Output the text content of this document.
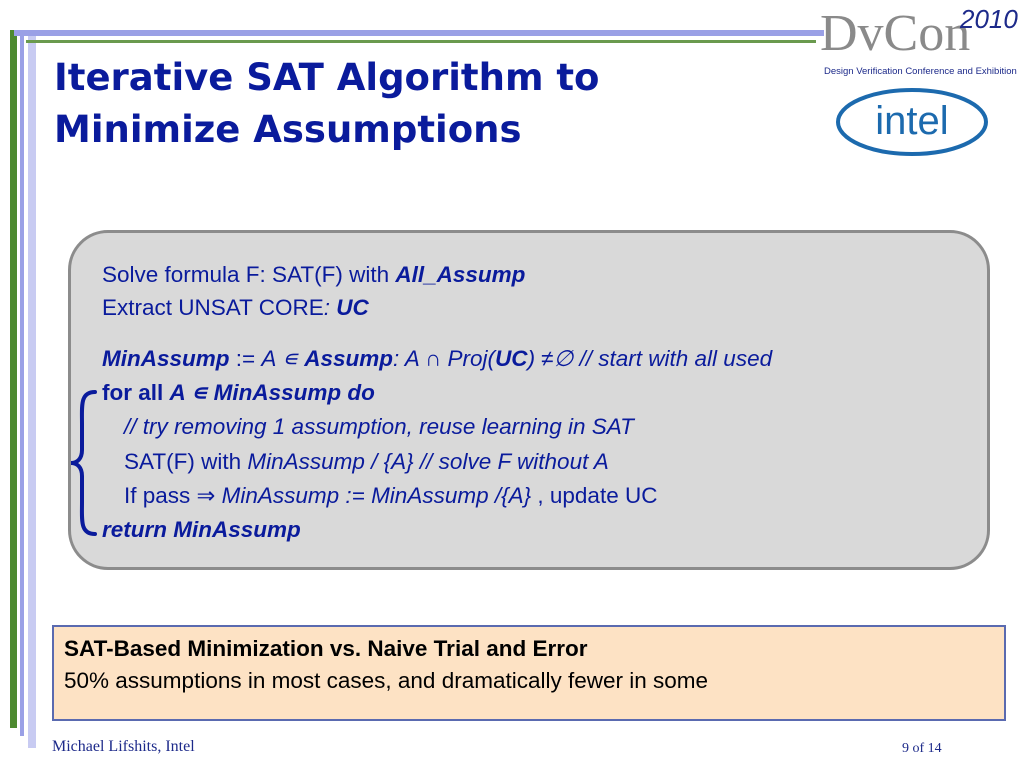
Iterative SAT Algorithm to
Minimize Assumptions
DvCon
2010
Design Verification Conference and Exhibition
intel
Solve formula F: SAT(F) with All_Assump
Extract UNSAT CORE: UC
MinAssump := A ∊ Assump: A ∩ Proj(UC) ≠∅ // start with all used
for all A ∊ MinAssump do
// try removing 1 assumption, reuse learning in SAT
SAT(F) with MinAssump / {A} // solve F without A
If pass ⇒ MinAssump := MinAssump /{A} , update UC
return MinAssump
SAT-Based Minimization vs. Naive Trial and Error
50% assumptions in most cases, and dramatically fewer in some
Michael Lifshits, Intel	9 of 14
